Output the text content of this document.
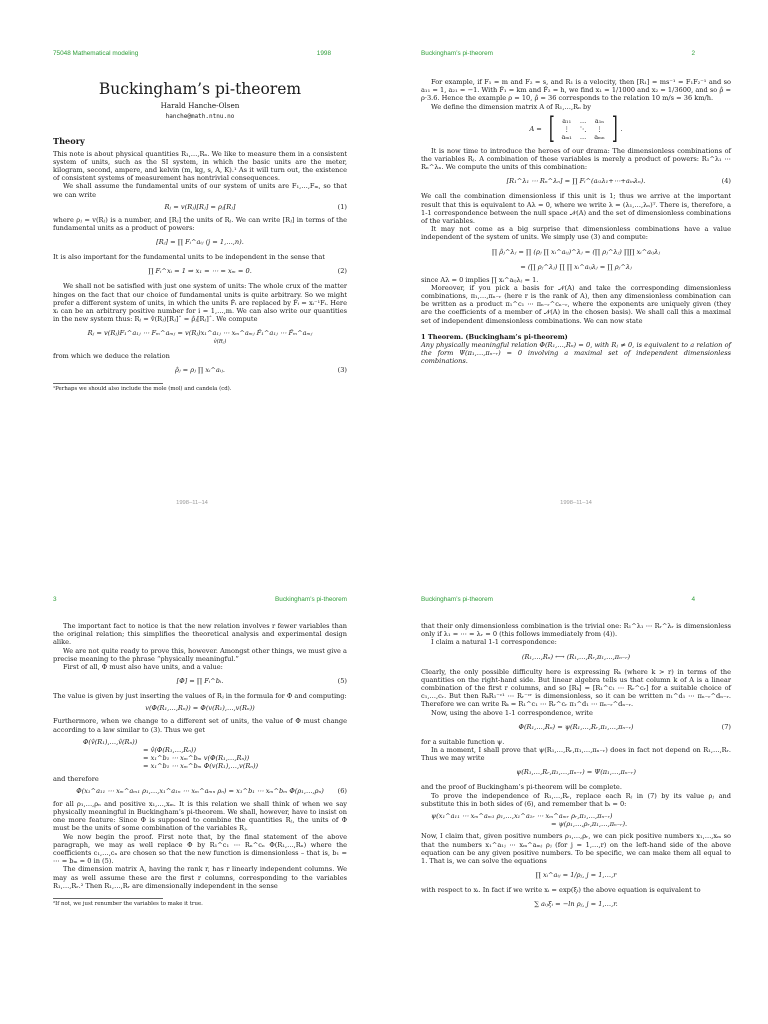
75048 Mathematical modeling	1998
Buckingham’s pi-theorem
Harald Hanche-Olsen
hanche@math.ntnu.no
Theory

This note is about physical quantities R₁,…,Rₙ. We like to measure them in a consistent system of units, such as the SI system, in which the basic units are the meter, kilogram, second, ampere, and kelvin (m, kg, s, A, K).¹ As it will turn out, the existence of consistent systems of measurement has nontrivial consequences.

We shall assume the fundamental units of our system of units are F₁,…,Fₘ, so that we can write

Rⱼ = v(Rⱼ)[Rⱼ] = ρⱼ[Rⱼ]	(1)

where ρⱼ = v(Rⱼ) is a number, and [Rⱼ] the units of Rⱼ. We can write [Rⱼ] in terms of the fundamental units as a product of powers:

[Rⱼ] = ∏ Fᵢ^aᵢⱼ (j = 1,…,n).

It is also important for the fundamental units to be independent in the sense that

∏ Fᵢ^xᵢ = 1 ⇒ x₁ = ⋯ = xₘ = 0.	(2)

We shall not be satisfied with just one system of units: The whole crux of the matter hinges on the fact that our choice of fundamental units is quite arbitrary. So we might prefer a different system of units, in which the units F̂ᵢ are replaced by F̂ᵢ = xᵢ⁻¹Fᵢ. Here xᵢ can be an arbitrary positive number for i = 1,…,m. We can also write our quantities in the new system thus: Rⱼ = v̂(Rⱼ)[Rⱼ]ˆ = ρ̂ⱼ[Rⱼ]ˆ. We compute

Rⱼ = v(Rⱼ)F₁^a₁ⱼ ⋯ Fₘ^aₘⱼ = v(Rⱼ)x₁^a₁ⱼ ⋯ xₘ^aₘⱼ F̂₁^a₁ⱼ ⋯ F̂ₘ^aₘⱼ
v̂(Rⱼ)

from which we deduce the relation

ρ̂ⱼ = ρⱼ ∏ xᵢ^aᵢⱼ.	(3)
¹Perhaps we should also include the mole (mol) and candela (cd).
1998–11–14
Buckingham’s pi-theorem	2

For example, if F₁ = m and F₂ = s, and R₁ is a velocity, then [R₁] = ms⁻¹ = F₁F₂⁻¹ and so a₁₁ = 1, a₂₁ = −1. With F̂₁ = km and F̂₂ = h, we find x₁ = 1/1000 and x₂ = 1/3600, and so ρ̂ = ρ·3.6. Hence the example ρ = 10, ρ̂ = 36 corresponds to the relation 10 m/s = 36 km/h.

We define the dimension matrix A of R₁,…,Rₙ by

A = [ a₁₁	…	a₁ₙ
⋮	⋱	⋮
aₘ₁	…	aₘₙ ] .

It is now time to introduce the heroes of our drama: The dimensionless combinations of the variables Rⱼ. A combination of these variables is merely a product of powers: R₁^λ₁ ⋯ Rₙ^λₙ. We compute the units of this combination:

[R₁^λ₁ ⋯ Rₙ^λₙ] = ∏ Fᵢ^(aᵢ₁λ₁+⋯+aᵢₙλₙ).	(4)

We call the combination dimensionless if this unit is 1; thus we arrive at the important result that this is equivalent to Aλ = 0, where we write λ = (λ₁,…,λₙ)ᵀ. There is, therefore, a 1-1 correspondence between the null space 𝒩(A) and the set of dimensionless combinations of the variables.

It may not come as a big surprise that dimensionless combinations have a value independent of the system of units. We simply use (3) and compute:

∏ ρ̂ⱼ^λⱼ = ∏ (ρⱼ ∏ xᵢ^aᵢⱼ)^λⱼ = (∏ ρⱼ^λⱼ) ∏∏ xᵢ^aᵢⱼλⱼ
= (∏ ρⱼ^λⱼ) ∏ ∏ xᵢ^aᵢⱼλⱼ = ∏ ρⱼ^λⱼ

since Aλ = 0 implies ∏ xᵢ^aᵢⱼλⱼ = 1.

Moreover, if you pick a basis for 𝒩(A) and take the corresponding dimensionless combinations, π₁,…,πₙ₋ᵣ (here r is the rank of A), then any dimensionless combination can be written as a product π₁^c₁ ⋯ πₙ₋ᵣ^cₙ₋ᵣ, where the exponents are uniquely given (they are the coefficients of a member of 𝒩(A) in the chosen basis). We shall call this a maximal set of independent dimensionless combinations. We can now state

1 Theorem. (Buckingham’s pi-theorem)
Any physically meaningful relation Φ(R₁,…,Rₙ) = 0, with Rⱼ ≠ 0, is equivalent to a relation of the form Ψ(π₁,…,πₙ₋ᵣ) = 0 involving a maximal set of independent dimensionless combinations.
1998–11–14
3	Buckingham’s pi-theorem

The important fact to notice is that the new relation involves r fewer variables than the original relation; this simplifies the theoretical analysis and experimental design alike.

We are not quite ready to prove this, however. Amongst other things, we must give a precise meaning to the phrase “physically meaningful.”

First of all, Φ must also have units, and a value:

[Φ] = ∏ Fᵢ^bᵢ.	(5)

The value is given by just inserting the values of Rⱼ in the formula for Φ and computing:

v(Φ(R₁,…,Rₙ)) = Φ(v(R₁),…,v(Rₙ))

Furthermore, when we change to a different set of units, the value of Φ must change according to a law similar to (3). Thus we get

Φ(v̂(R₁),…,v̂(Rₙ))
= v̂(Φ(R₁,…,Rₙ))
= x₁^b₁ ⋯ xₘ^bₘ v(Φ(R₁,…,Rₙ))
= x₁^b₁ ⋯ xₘ^bₘ Φ(v(R₁),…,v(Rₙ))

and therefore

Φ(x₁^a₁₁ ⋯ xₘ^aₘ₁ ρ₁,…,x₁^a₁ₙ ⋯ xₘ^aₘₙ ρₙ) = x₁^b₁ ⋯ xₘ^bₘ Φ(ρ₁,…,ρₙ) (6)

for all ρ₁,…,ρₙ and positive x₁,…,xₘ. It is this relation we shall think of when we say physically meaningful in Buckingham’s pi-theorem. We shall, however, have to insist on one more feature: Since Φ is supposed to combine the quantities Rⱼ, the units of Φ must be the units of some combination of the variables Rⱼ.

We now begin the proof. First note that, by the final statement of the above paragraph, we may as well replace Φ by R₁^c₁ ⋯ Rₙ^cₙ Φ(R₁,…,Rₙ) where the coefficients c₁,…,cₙ are chosen so that the new function is dimensionless – that is, b₁ = ⋯ = bₘ = 0 in (5).

The dimension matrix A, having the rank r, has r linearly independent columns. We may as well assume these are the first r columns, corresponding to the variables R₁,…,Rᵣ.² Then R₁,…,Rᵣ are dimensionally independent in the sense

²If not, we just renumber the variables to make it true.
Buckingham’s pi-theorem	4

that their only dimensionless combination is the trivial one: R₁^λ₁ ⋯ Rᵣ^λᵣ is dimensionless only if λ₁ = ⋯ = λᵣ = 0 (this follows immediately from (4)).

I claim a natural 1-1 correspondence:

(R₁,…,Rₙ) ⟷ (R₁,…,Rᵣ,π₁,…,πₙ₋ᵣ)

Clearly, the only possible difficulty here is expressing Rₖ (where k > r) in terms of the quantities on the right-hand side. But linear algebra tells us that column k of A is a linear combination of the first r columns, and so [Rₖ] = [R₁^c₁ ⋯ Rᵣ^cᵣ] for a suitable choice of c₁,…,cᵣ. But then RₖR₁⁻ᶜ¹ ⋯ Rᵣ⁻ᶜʳ is dimensionless, so it can be written π₁^d₁ ⋯ πₙ₋ᵣ^dₙ₋ᵣ. Therefore we can write Rₖ = R₁^c₁ ⋯ Rᵣ^cᵣ π₁^d₁ ⋯ πₙ₋ᵣ^dₙ₋ᵣ.

Now, using the above 1-1 correspondence, write

Φ(R₁,…,Rₙ) = ψ(R₁,…,Rᵣ,π₁,…,πₙ₋ᵣ)	(7)

for a suitable function ψ.

In a moment, I shall prove that ψ(R₁,…,Rᵣ,π₁,…,πₙ₋ᵣ) does in fact not depend on R₁,…,Rᵣ. Thus we may write

ψ(R₁,…,Rᵣ,π₁,…,πₙ₋ᵣ) = Ψ(π₁,…,πₙ₋ᵣ)

and the proof of Buckingham’s pi-theorem will be complete.

To prove the independence of R₁,…,Rᵣ, replace each Rⱼ in (7) by its value ρⱼ and substitute this in both sides of (6), and remember that bᵢ = 0:

ψ(x₁^a₁₁ ⋯ xₘ^aₘ₁ ρ₁,…,x₁^a₁ᵣ ⋯ xₘ^aₘᵣ ρᵣ,π₁,…,πₙ₋ᵣ)
= ψ(ρ₁,…,ρᵣ,π₁,…,πₙ₋ᵣ).

Now, I claim that, given positive numbers ρ₁,…,ρᵣ, we can pick positive numbers x₁,…,xₘ so that the numbers x₁^a₁ⱼ ⋯ xₘ^aₘⱼ ρⱼ (for j = 1,…,r) on the left-hand side of the above equation can be any given positive numbers. To be specific, we can make them all equal to 1. That is, we can solve the equations

∏ xᵢ^aᵢⱼ = 1/ρⱼ, j = 1,…,r

with respect to xᵢ. In fact if we write xᵢ = exp(ξᵢ) the above equation is equivalent to

∑ aᵢⱼξᵢ = −ln ρⱼ, j = 1,…,r.
